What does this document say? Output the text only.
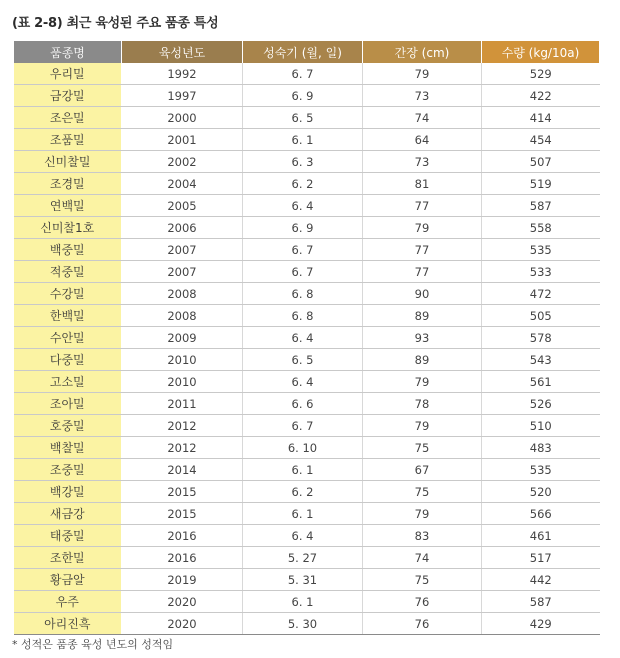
(표 2-8) 최근 육성된 주요 품종 특성
품종명	육성년도	성숙기 (월, 일)	간장 (cm)	수량 (kg/10a)
우리밀	1992	6. 7	79	529
금강밀	1997	6. 9	73	422
조은밀	2000	6. 5	74	414
조품밀	2001	6. 1	64	454
신미찰밀	2002	6. 3	73	507
조경밀	2004	6. 2	81	519
연백밀	2005	6. 4	77	587
신미찰1호	2006	6. 9	79	558
백중밀	2007	6. 7	77	535
적중밀	2007	6. 7	77	533
수강밀	2008	6. 8	90	472
한백밀	2008	6. 8	89	505
수안밀	2009	6. 4	93	578
다중밀	2010	6. 5	89	543
고소밀	2010	6. 4	79	561
조아밀	2011	6. 6	78	526
호중밀	2012	6. 7	79	510
백찰밀	2012	6. 10	75	483
조중밀	2014	6. 1	67	535
백강밀	2015	6. 2	75	520
새금강	2015	6. 1	79	566
태중밀	2016	6. 4	83	461
조한밀	2016	5. 27	74	517
황금알	2019	5. 31	75	442
우주	2020	6. 1	76	587
아리진흑	2020	5. 30	76	429
* 성적은 품종 육성 년도의 성적임
